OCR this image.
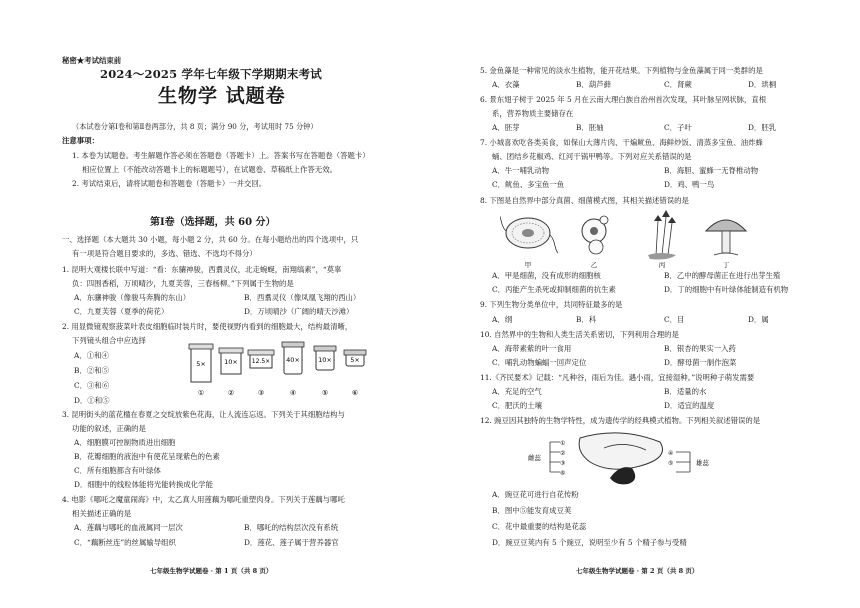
秘密★考试结束前
2024～2025 学年七年级下学期期末考试
生物学 试题卷
（本试卷分第Ⅰ卷和第Ⅱ卷两部分，共 8 页；满分 90 分，考试用时 75 分钟）
注意事项：
1. 本卷为试题卷。考生解题作答必须在答题卷（答题卡）上。答案书写在答题卷（答题卡）
相应位置上（不能改动答题卡上的标题题号），在试题卷、草稿纸上作答无效。
2. 考试结束后，请将试题卷和答题卷（答题卡）一并交回。
第Ⅰ卷（选择题，共 60 分）
一、选择题（本大题共 30 小题，每小题 2 分，共 60 分。在每小题给出的四个选项中，只
有一项是符合题目要求的，多选、错选、不选均不得分）
1. 昆明大观楼长联中写道：“看：东骧神骏，西翥灵仪，北走蜿蜒，南翔缟素”，“莫辜
负：四围香稻，万顷晴沙，九夏芙蓉，三春杨柳。”下列属于生物的是
A．东骧神骏（像骏马奔腾的东山）	B．西翥灵仪（像凤凰飞翔的西山）
C．九夏芙蓉（夏季的荷花）	D．万顷晴沙（广阔的晴天沙滩）
2. 用显微镜观察菠菜叶表皮细胞临时装片时，要使视野内看到的细胞最大，结构最清晰，
下列镜头组合中应选择
A．①和④
B．②和⑤
C．③和⑥
D．①和⑤
5×	10× 12.5× 40×	10×	5×
①	②	③	④	⑤	⑥
3. 昆明街头的蓝花楹在春夏之交绽放紫色花海，让人流连忘返。下列关于其细胞结构与
功能的叙述，正确的是
A．细胞膜可控制物质进出细胞
B．花瓣细胞的液泡中有使花呈现紫色的色素
C．所有细胞都含有叶绿体
D．细胞中的线粒体能将光能转换成化学能
4. 电影《哪吒之魔童闹海》中，太乙真人用莲藕为哪吒重塑肉身。下列关于莲藕与哪吒
相关描述正确的是
A．莲藕与哪吒的血液属同一层次	B．哪吒的结构层次没有系统
C．“藕断丝连”的丝属输导组织	D．莲花、莲子属于营养器官
七年级生物学试题卷 · 第 1 页（共 8 页）
5. 金鱼藻是一种常见的淡水生植物，能开花结果。下列植物与金鱼藻属于同一类群的是
A．衣藻	B．葫芦藓	C．肾蕨	D．珙桐
6. 景东翅子树于 2025 年 5 月在云南大理白族自治州首次发现，其叶脉呈网状脉，直根
系，营养物质主要储存在
A．胚芽	B．胚轴	C．子叶	D．胚乳
7. 小城喜欢吃各类美食，如保山大薄片肉、干煸鱿鱼、海鲜炒饭、清蒸多宝鱼、油炸蜂
蛹、团结乡花椒鸡、红河干锅甲鸭等。下列对应关系错误的是
A．牛一哺乳动物	B．海胆、蜜蜂一无脊椎动物
C．鱿鱼、多宝鱼一鱼	D．鸡、鸭一鸟
8. 下图是自然界中部分真菌、细菌模式图，其相关描述错误的是
甲	乙	丙	丁
A．甲是细菌，没有成形的细胞核	B．乙中的酵母菌正在进行出芽生殖
C．丙能产生杀死或抑制细菌的抗生素	D．丁的细胞中有叶绿体能制造有机物
9. 下列生物分类单位中，共同特征最多的是
A．纲	B．科	C．目	D．属
10. 自然界中的生物和人类生活关系密切，下列利用合理的是
A．海带素紫的叶一食用	B．银杏的果实一入药
C．哺乳动物蝙蝠一回声定位	D．酵母菌一制作泡菜
11.《齐民要术》记载：“凡种谷，雨后为佳。遇小雨，宜接湿种。”说明种子萌发需要
A．充足的空气	B．适量的水
C．肥沃的土壤	D．适宜的温度
12. 豌豆因其独特的生物学特性，成为遗传学的经典模式植物。下列相关叙述错误的是
①
②
③
⑥
④
⑤
雌蕊
雄蕊
A．豌豆花可进行自花传粉
B．图中⑤能发育成豆荚
C．花中最重要的结构是花蕊
D．豌豆豆荚内有 5 个豌豆，说明至少有 5 个精子参与受精
七年级生物学试题卷 · 第 2 页（共 8 页）
